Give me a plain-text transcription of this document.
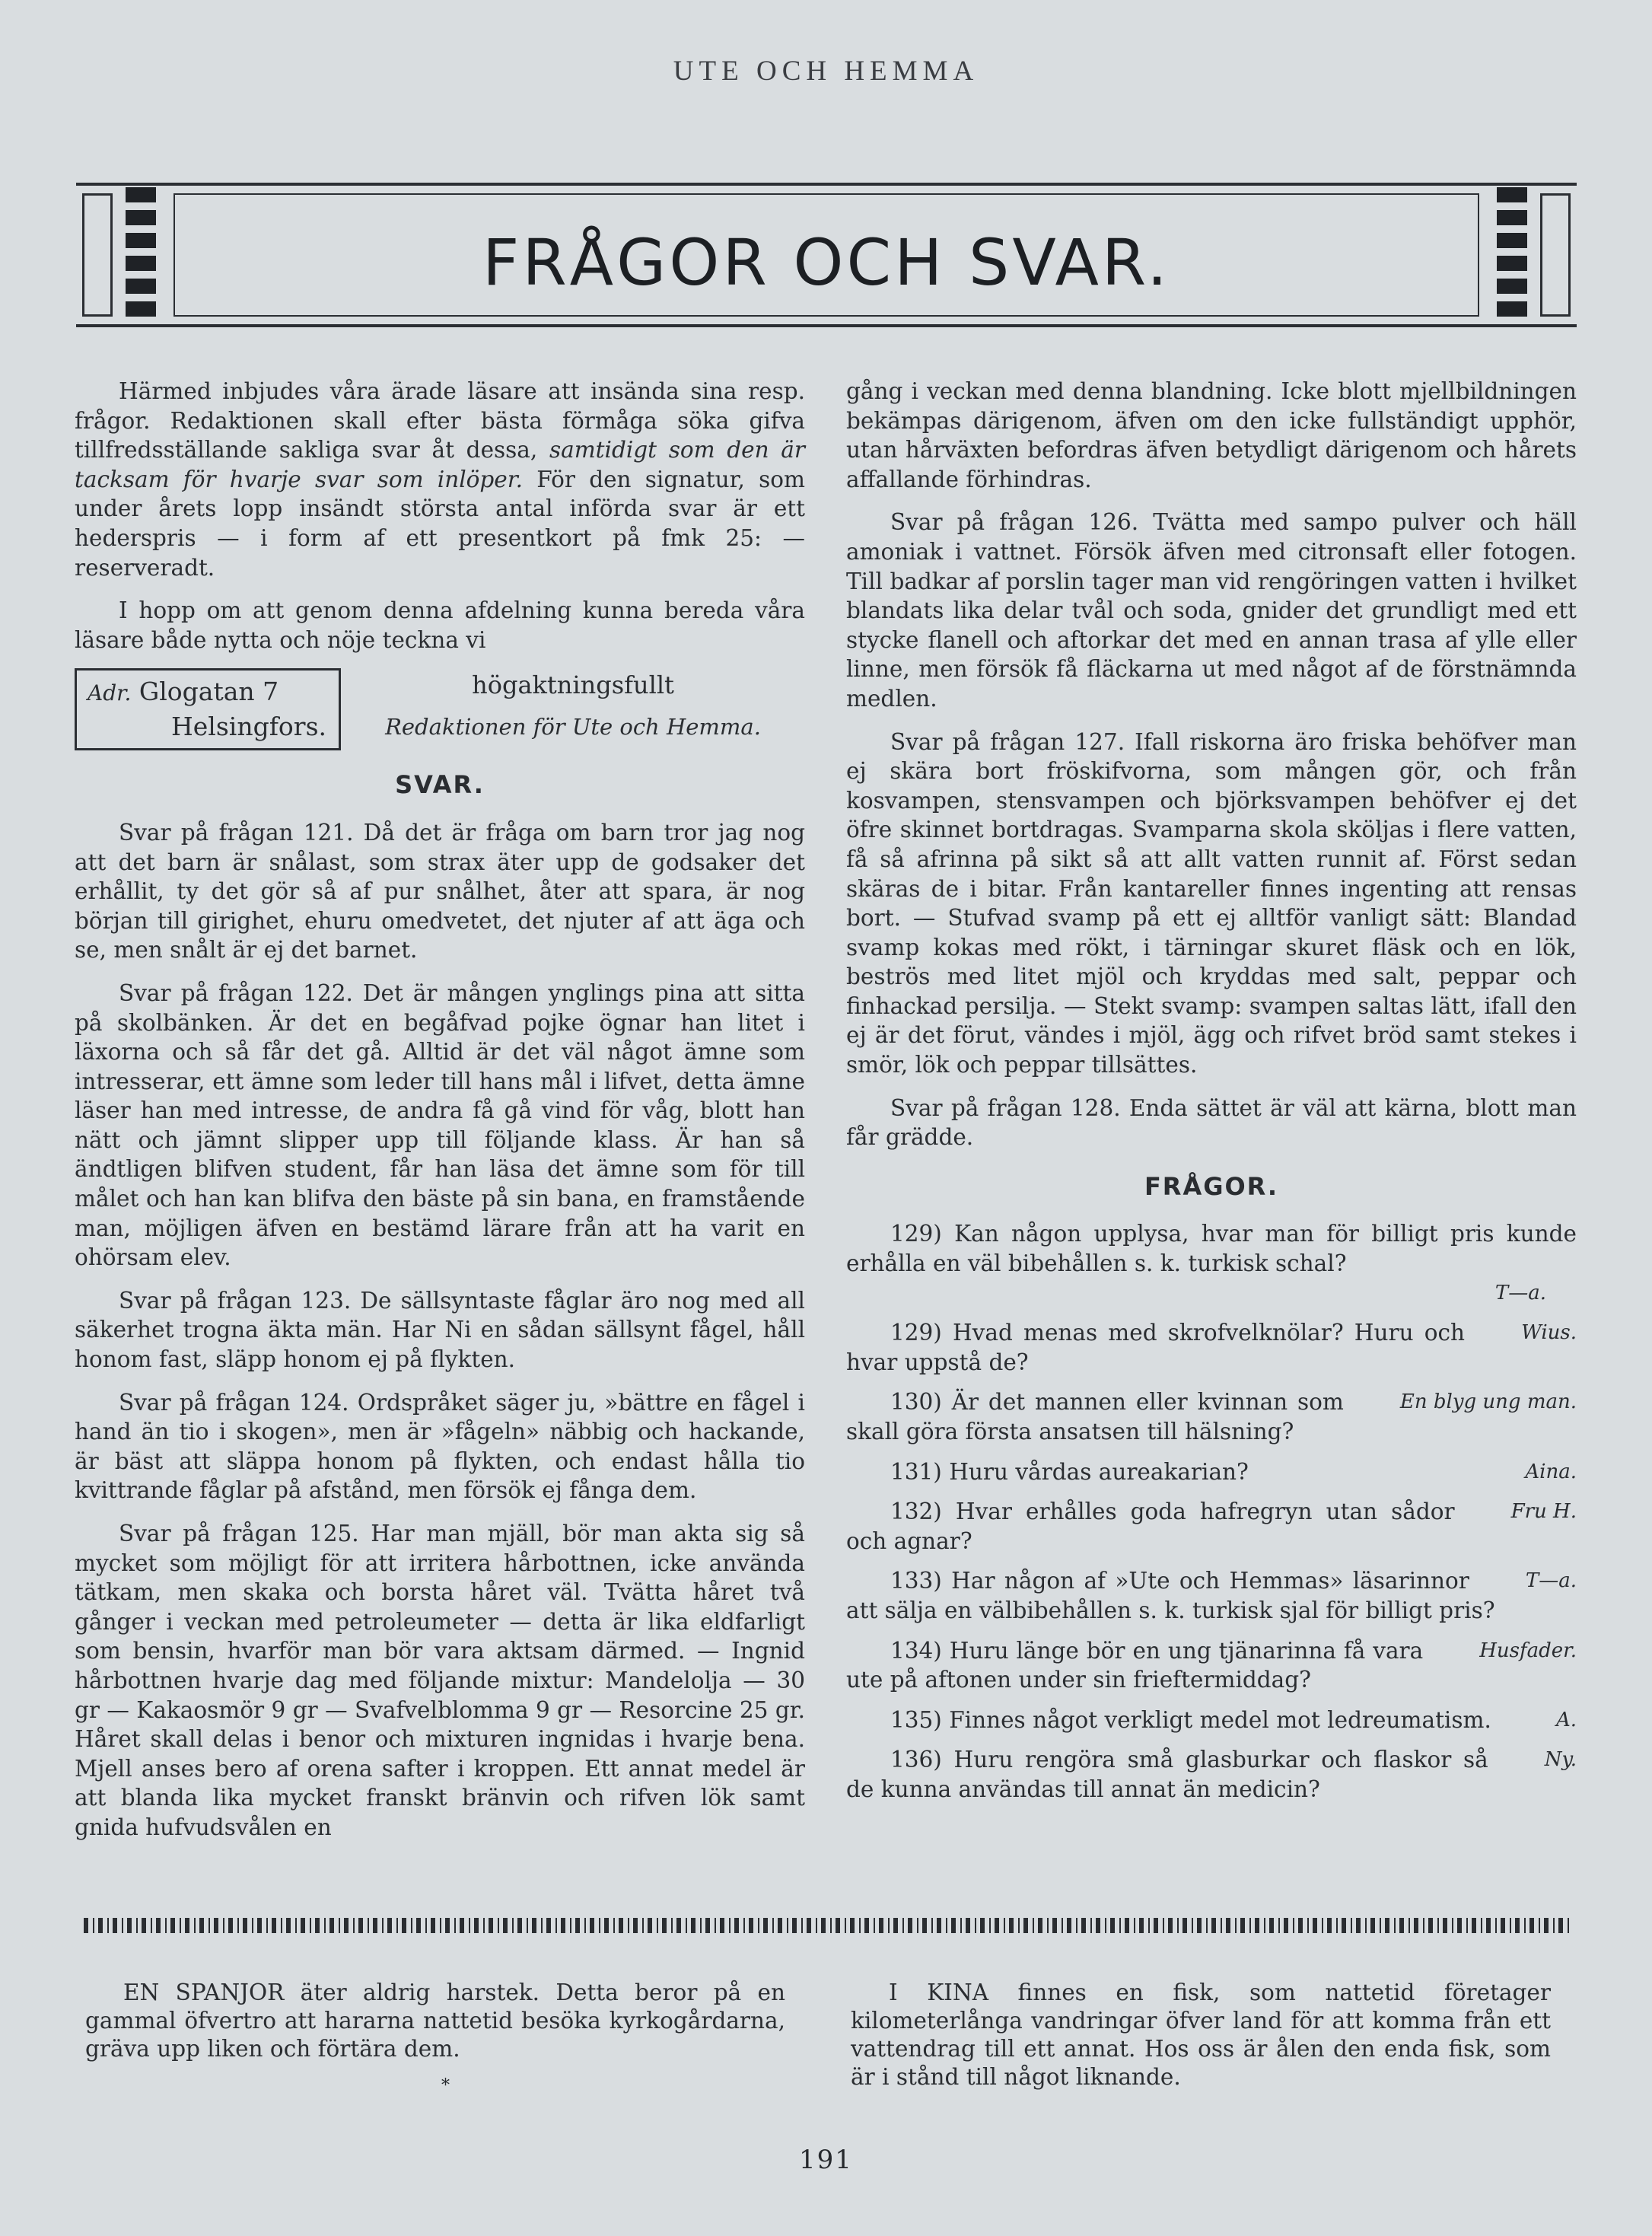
UTE OCH HEMMA
FRÅGOR OCH SVAR.

Härmed inbjudes våra ärade läsare att insända sina resp. frågor. Redaktionen skall efter bästa förmåga söka gifva tillfredsställande sakliga svar åt dessa, samtidigt som den är tacksam för hvarje svar som inlöper. För den signatur, som under årets lopp insändt största antal införda svar är ett hederspris — i form af ett presentkort på fmk 25: — reserveradt.

I hopp om att genom denna afdelning kunna bereda våra läsare både nytta och nöje teckna vi

Adr. Glogatan 7
Helsingfors.
högaktningsfullt
Redaktionen för Ute och Hemma.
SVAR.

Svar på frågan 121. Då det är fråga om barn tror jag nog att det barn är snålast, som strax äter upp de godsaker det erhållit, ty det gör så af pur snålhet, åter att spara, är nog början till girighet, ehuru omedvetet, det njuter af att äga och se, men snålt är ej det barnet.

Svar på frågan 122. Det är mången ynglings pina att sitta på skolbänken. Är det en begåfvad pojke ögnar han litet i läxorna och så får det gå. Alltid är det väl något ämne som intresserar, ett ämne som leder till hans mål i lifvet, detta ämne läser han med intresse, de andra få gå vind för våg, blott han nätt och jämnt slipper upp till följande klass. Är han så ändtligen blifven student, får han läsa det ämne som för till målet och han kan blifva den bäste på sin bana, en framstående man, möjligen äfven en bestämd lärare från att ha varit en ohörsam elev.

Svar på frågan 123. De sällsyntaste fåglar äro nog med all säkerhet trogna äkta män. Har Ni en sådan sällsynt fågel, håll honom fast, släpp honom ej på flykten.

Svar på frågan 124. Ordspråket säger ju, »bättre en fågel i hand än tio i skogen», men är »fågeln» näbbig och hackande, är bäst att släppa honom på flykten, och endast hålla tio kvittrande fåglar på afstånd, men försök ej fånga dem.

Svar på frågan 125. Har man mjäll, bör man akta sig så mycket som möjligt för att irritera hårbottnen, icke använda tätkam, men skaka och borsta håret väl. Tvätta håret två gånger i veckan med petroleumeter — detta är lika eldfarligt som bensin, hvarför man bör vara aktsam därmed. — Ingnid hårbottnen hvarje dag med följande mixtur: Mandelolja — 30 gr — Kakaosmör 9 gr — Svafvelblomma 9 gr — Resorcine 25 gr. Håret skall delas i benor och mixturen ingnidas i hvarje bena. Mjell anses bero af orena safter i kroppen. Ett annat medel är att blanda lika mycket franskt bränvin och rifven lök samt gnida hufvudsvålen en

gång i veckan med denna blandning. Icke blott mjellbildningen bekämpas därigenom, äfven om den icke fullständigt upphör, utan hårväxten befordras äfven betydligt därigenom och hårets affallande förhindras.

Svar på frågan 126. Tvätta med sampo pulver och häll amoniak i vattnet. Försök äfven med citronsaft eller fotogen. Till badkar af porslin tager man vid rengöringen vatten i hvilket blandats lika delar tvål och soda, gnider det grundligt med ett stycke flanell och aftorkar det med en annan trasa af ylle eller linne, men försök få fläckarna ut med något af de förstnämnda medlen.

Svar på frågan 127. Ifall riskorna äro friska behöfver man ej skära bort fröskifvorna, som mången gör, och från kosvampen, stensvampen och björksvampen behöfver ej det öfre skinnet bortdragas. Svamparna skola sköljas i flere vatten, få så afrinna på sikt så att allt vatten runnit af. Först sedan skäras de i bitar. Från kantareller finnes ingenting att rensas bort. — Stufvad svamp på ett ej alltför vanligt sätt: Blandad svamp kokas med rökt, i tärningar skuret fläsk och en lök, beströs med litet mjöl och kryddas med salt, peppar och finhackad persilja. — Stekt svamp: svampen saltas lätt, ifall den ej är det förut, vändes i mjöl, ägg och rifvet bröd samt stekes i smör, lök och peppar tillsättes.

Svar på frågan 128. Enda sättet är väl att kärna, blott man får grädde.

FRÅGOR.
129) Kan någon upplysa, hvar man för billigt pris kunde erhålla en väl bibehållen s. k. turkisk schal?
T—a.
Wius.
129) Hvad menas med skrofvelknölar? Huru och hvar uppstå de?
En blyg ung man.
130) Är det mannen eller kvinnan som skall göra första ansatsen till hälsning?
Aina.
131) Huru vårdas aureakarian?
Fru H.
132) Hvar erhålles goda hafregryn utan sådor och agnar?
T—a.
133) Har någon af »Ute och Hemmas» läsarinnor att sälja en välbibehållen s. k. turkisk sjal för billigt pris?
Husfader.
134) Huru länge bör en ung tjänarinna få vara ute på aftonen under sin frieftermiddag?
A.
135) Finnes något verkligt medel mot ledreumatism.
Ny.
136) Huru rengöra små glasburkar och flaskor så de kunna användas till annat än medicin?

EN SPANJOR äter aldrig harstek. Detta beror på en gammal öfvertro att hararna nattetid besöka kyrkogårdarna, gräva upp liken och förtära dem.

*

I KINA finnes en fisk, som nattetid företager kilometerlånga vandringar öfver land för att komma från ett vattendrag till ett annat. Hos oss är ålen den enda fisk, som är i stånd till något liknande.

191
